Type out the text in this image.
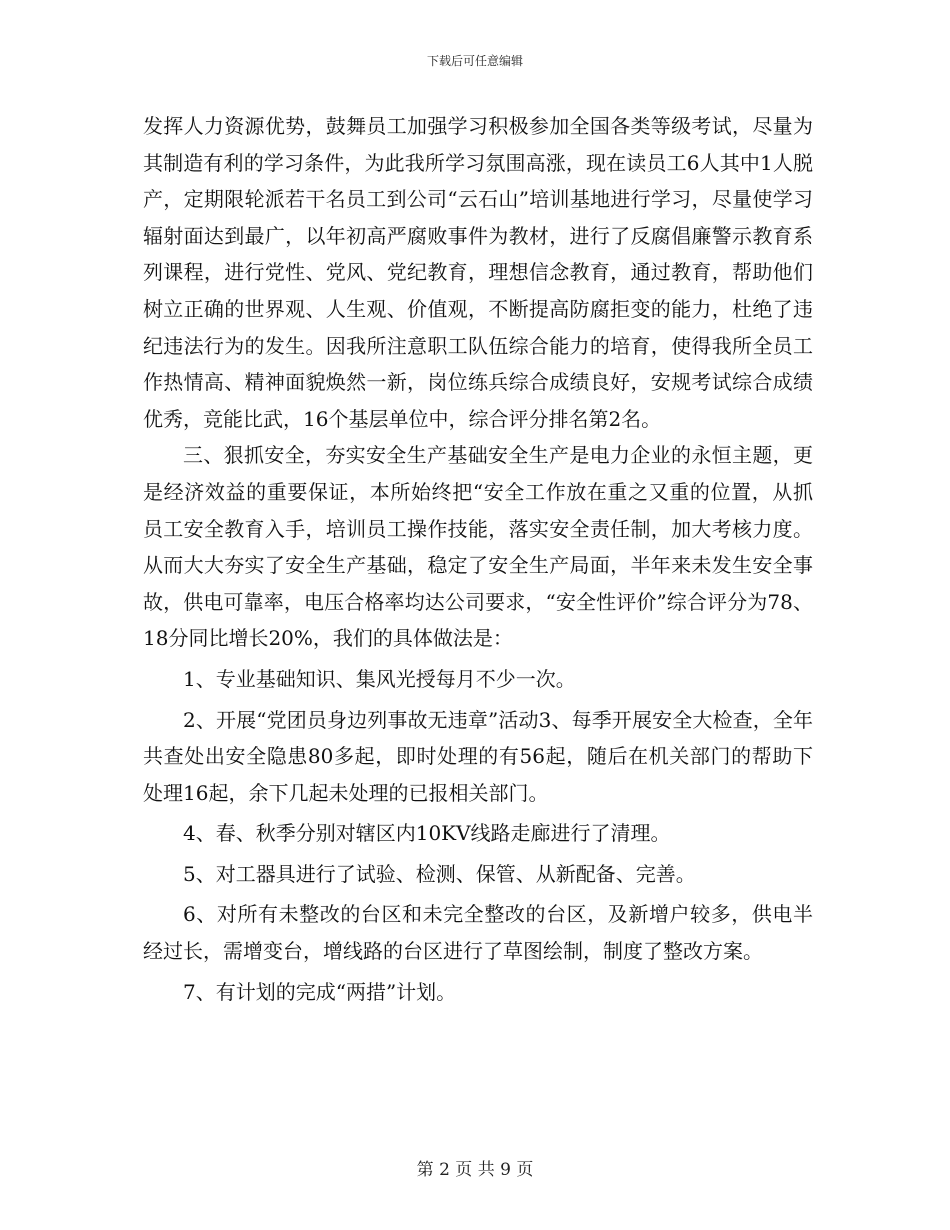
下载后可任意编辑

发挥人力资源优势，鼓舞员工加强学习积极参加全国各类等级考试，尽量为其制造有利的学习条件，为此我所学习氛围高涨，现在读员工6人其中1人脱产，定期限轮派若干名员工到公司“云石山”培训基地进行学习，尽量使学习辐射面达到最广，以年初高严腐败事件为教材，进行了反腐倡廉警示教育系列课程，进行党性、党风、党纪教育，理想信念教育，通过教育，帮助他们树立正确的世界观、人生观、价值观，不断提高防腐拒变的能力，杜绝了违纪违法行为的发生。因我所注意职工队伍综合能力的培育，使得我所全员工作热情高、精神面貌焕然一新，岗位练兵综合成绩良好，安规考试综合成绩优秀，竞能比武，16个基层单位中，综合评分排名第2名。

三、狠抓安全，夯实安全生产基础安全生产是电力企业的永恒主题，更是经济效益的重要保证，本所始终把“安全工作放在重之又重的位置，从抓员工安全教育入手，培训员工操作技能，落实安全责任制，加大考核力度。从而大大夯实了安全生产基础，稳定了安全生产局面，半年来未发生安全事故，供电可靠率，电压合格率均达公司要求，“安全性评价”综合评分为78、18分同比增长20%，我们的具体做法是：

1、专业基础知识、集风光授每月不少一次。

2、开展“党团员身边列事故无违章”活动3、每季开展安全大检查，全年共查处出安全隐患80多起，即时处理的有56起，随后在机关部门的帮助下处理16起，余下几起未处理的已报相关部门。

4、春、秋季分别对辖区内10KV线路走廊进行了清理。

5、对工器具进行了试验、检测、保管、从新配备、完善。

6、对所有未整改的台区和未完全整改的台区，及新增户较多，供电半经过长，需增变台，增线路的台区进行了草图绘制，制度了整改方案。

7、有计划的完成“两措”计划。

第 2 页 共 9 页
